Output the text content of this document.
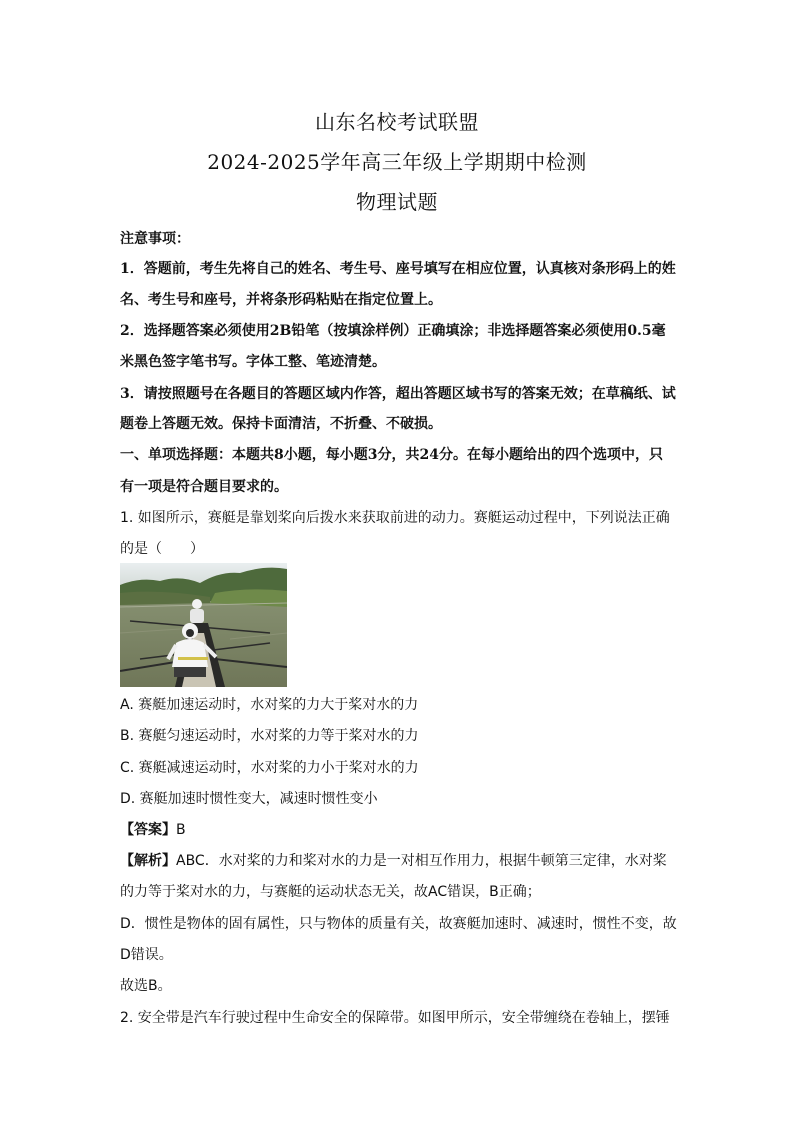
山东名校考试联盟
2024-2025学年高三年级上学期期中检测
物理试题
注意事项：
1．答题前，考生先将自己的姓名、考生号、座号填写在相应位置，认真核对条形码上的姓
名、考生号和座号，并将条形码粘贴在指定位置上。
2．选择题答案必须使用2B铅笔（按填涂样例）正确填涂；非选择题答案必须使用0.5毫
米黑色签字笔书写。字体工整、笔迹清楚。
3．请按照题号在各题目的答题区域内作答，超出答题区域书写的答案无效；在草稿纸、试
题卷上答题无效。保持卡面清洁，不折叠、不破损。
一、单项选择题：本题共8小题，每小题3分，共24分。在每小题给出的四个选项中，只
有一项是符合题目要求的。
1. 如图所示，赛艇是靠划桨向后拨水来获取前进的动力。赛艇运动过程中，下列说法正确
的是（　　）
A. 赛艇加速运动时，水对桨的力大于桨对水的力
B. 赛艇匀速运动时，水对桨的力等于桨对水的力
C. 赛艇减速运动时，水对桨的力小于桨对水的力
D. 赛艇加速时惯性变大，减速时惯性变小
【答案】B
【解析】ABC．水对桨的力和桨对水的力是一对相互作用力，根据牛顿第三定律，水对桨
的力等于桨对水的力，与赛艇的运动状态无关，故AC错误，B正确；
D．惯性是物体的固有属性，只与物体的质量有关，故赛艇加速时、减速时，惯性不变，故
D错误。
故选B。
2. 安全带是汽车行驶过程中生命安全的保障带。如图甲所示，安全带缠绕在卷轴上，摆锤
